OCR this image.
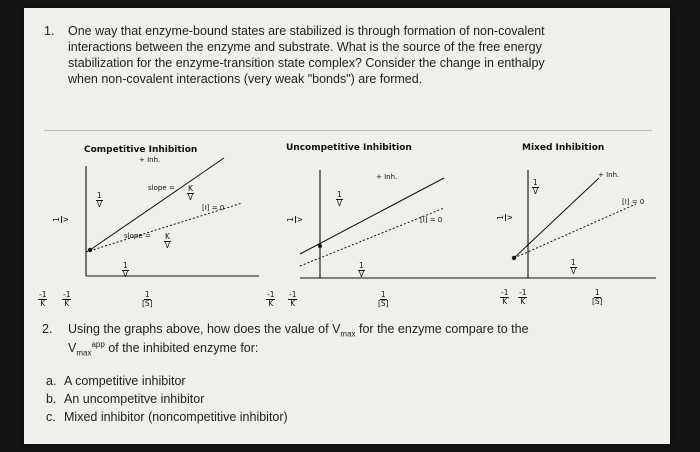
1. One way that enzyme-bound states are stabilized is through formation of non-covalent
interactions between the enzyme and substrate. What is the source of the free energy
stabilization for the enzyme-transition state complex? Consider the change in enthalpy
when non-covalent interactions (very weak "bonds") are formed.

Competitive Inhibition
+ Inh.
$\frac{1}{V}$
slope = $\frac{K}{V}$
[I] = 0
slope = $\frac{K}{V}$
$\frac{1}{V}$
1 v
$\frac{-1}{K} \frac{-1}{K}$	$\frac{1}{[S]}$
Uncompetitive Inhibition
+ Inh.
$\frac{1}{V}$
[I] = 0
$\frac{1}{V}$
1 v
$\frac{-1}{K} \frac{-1}{K}$	$\frac{1}{[S]}$
Mixed Inhibition
+ Inh.
$\frac{1}{V}$
[I] = 0
$\frac{1}{V}$
1 v
$\frac{-1}{K} \frac{-1}{K}$	$\frac{1}{[S]}$
2. Using the graphs above, how does the value of $V_{max}$ for the enzyme compare to the
$V_{max}^{app}$ of the inhibited enzyme for:
a. A competitive inhibitor
b. An uncompetitve inhibitor
c. Mixed inhibitor (noncompetitive inhibitor)
